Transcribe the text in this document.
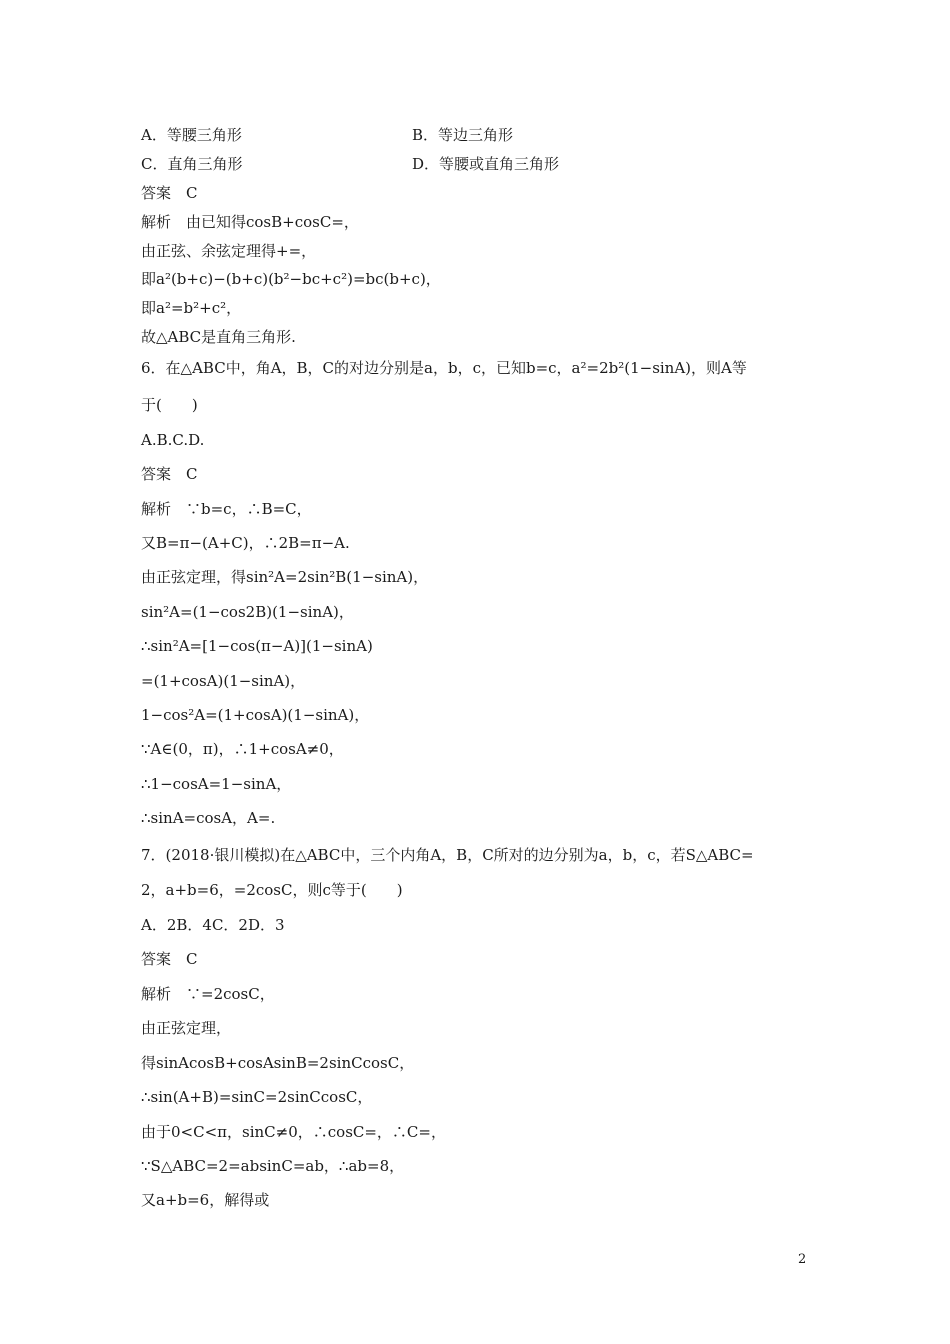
A．等腰三角形	B．等边三角形
C．直角三角形	D．等腰或直角三角形
答案　C
解析　由已知得cosB+cosC=，
由正弦、余弦定理得+=，
即a²(b+c)−(b+c)(b²−bc+c²)=bc(b+c)，
即a²=b²+c²，
故△ABC是直角三角形.
6．在△ABC中，角A，B，C的对边分别是a，b，c，已知b=c，a²=2b²(1−sinA)，则A等
于(　　)
A.B.C.D.
答案　C
解析　∵b=c，∴B=C，
又B=π−(A+C)，∴2B=π−A.
由正弦定理，得sin²A=2sin²B(1−sinA)，
sin²A=(1−cos2B)(1−sinA)，
∴sin²A=[1−cos(π−A)](1−sinA)
=(1+cosA)(1−sinA)，
1−cos²A=(1+cosA)(1−sinA)，
∵A∈(0，π)，∴1+cosA≠0，
∴1−cosA=1−sinA，
∴sinA=cosA，A=.
7．(2018·银川模拟)在△ABC中，三个内角A，B，C所对的边分别为a，b，c，若S△ABC=
2，a+b=6，=2cosC，则c等于(　　)
A．2B．4C．2D．3
答案　C
解析　∵=2cosC，
由正弦定理，
得sinAcosB+cosAsinB=2sinCcosC，
∴sin(A+B)=sinC=2sinCcosC，
由于0<C<π，sinC≠0，∴cosC=，∴C=，
∵S△ABC=2=absinC=ab，∴ab=8，
又a+b=6，解得或
2
